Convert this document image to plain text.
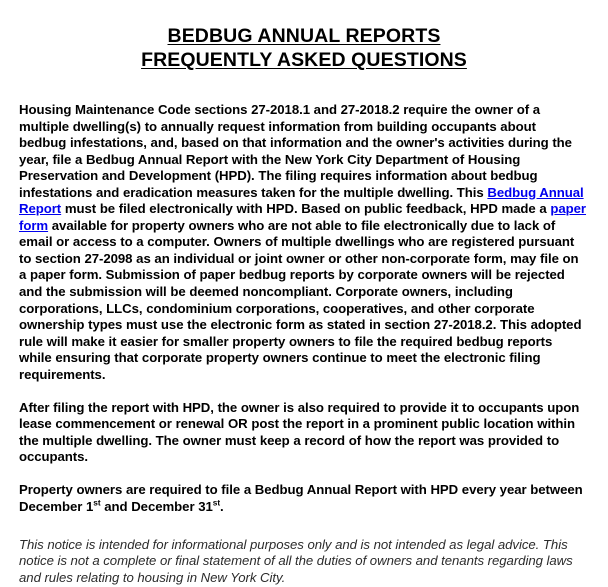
BEDBUG ANNUAL REPORTS
FREQUENTLY ASKED QUESTIONS

Housing Maintenance Code sections 27-2018.1 and 27-2018.2 require the owner of a multiple dwelling(s) to annually request information from building occupants about bedbug infestations, and, based on that information and the owner's activities during the year, file a Bedbug Annual Report with the New York City Department of Housing Preservation and Development (HPD). The filing requires information about bedbug infestations and eradication measures taken for the multiple dwelling. This Bedbug Annual Report must be filed electronically with HPD. Based on public feedback, HPD made a paper form available for property owners who are not able to file electronically due to lack of email or access to a computer. Owners of multiple dwellings who are registered pursuant to section 27-2098 as an individual or joint owner or other non-corporate form, may file on a paper form. Submission of paper bedbug reports by corporate owners will be rejected and the submission will be deemed noncompliant. Corporate owners, including corporations, LLCs, condominium corporations, cooperatives, and other corporate ownership types must use the electronic form as stated in section 27-2018.2. This adopted rule will make it easier for smaller property owners to file the required bedbug reports while ensuring that corporate property owners continue to meet the electronic filing requirements.

After filing the report with HPD, the owner is also required to provide it to occupants upon lease commencement or renewal OR post the report in a prominent public location within the multiple dwelling. The owner must keep a record of how the report was provided to occupants.

Property owners are required to file a Bedbug Annual Report with HPD every year between December 1st and December 31st.

This notice is intended for informational purposes only and is not intended as legal advice. This notice is not a complete or final statement of all the duties of owners and tenants regarding laws and rules relating to housing in New York City.
